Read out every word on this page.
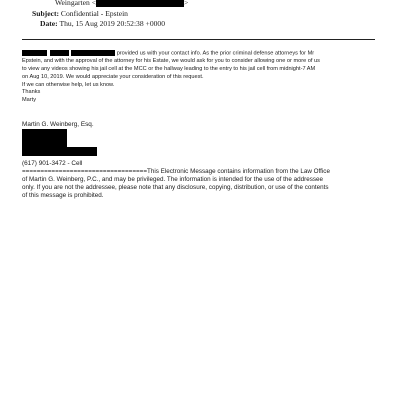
Weingarten <	>
Subject: Confidential - Epstein
Date: Thu, 15 Aug 2019 20:52:38 +0000
provided us with your contact info. As the prior criminal defense attorneys for Mr
Epstein, and with the approval of the attorney for his Estate, we would ask for you to consider allowing one or more of us
to view any videos showing his jail cell at the MCC or the hallway leading to the entry to his jail cell from midnight-7 AM
on Aug 10, 2019. We would appreciate your consideration of this request.
If we can otherwise help, let us know.
Thanks
Marty
Martin G. Weinberg, Esq.
(617) 901-3472 - Cell
==================================This Electronic Message contains information from the Law Office
of Martin G. Weinberg, P.C., and may be privileged. The information is intended for the use of the addressee
only. If you are not the addressee, please note that any disclosure, copying, distribution, or use of the contents
of this message is prohibited.
